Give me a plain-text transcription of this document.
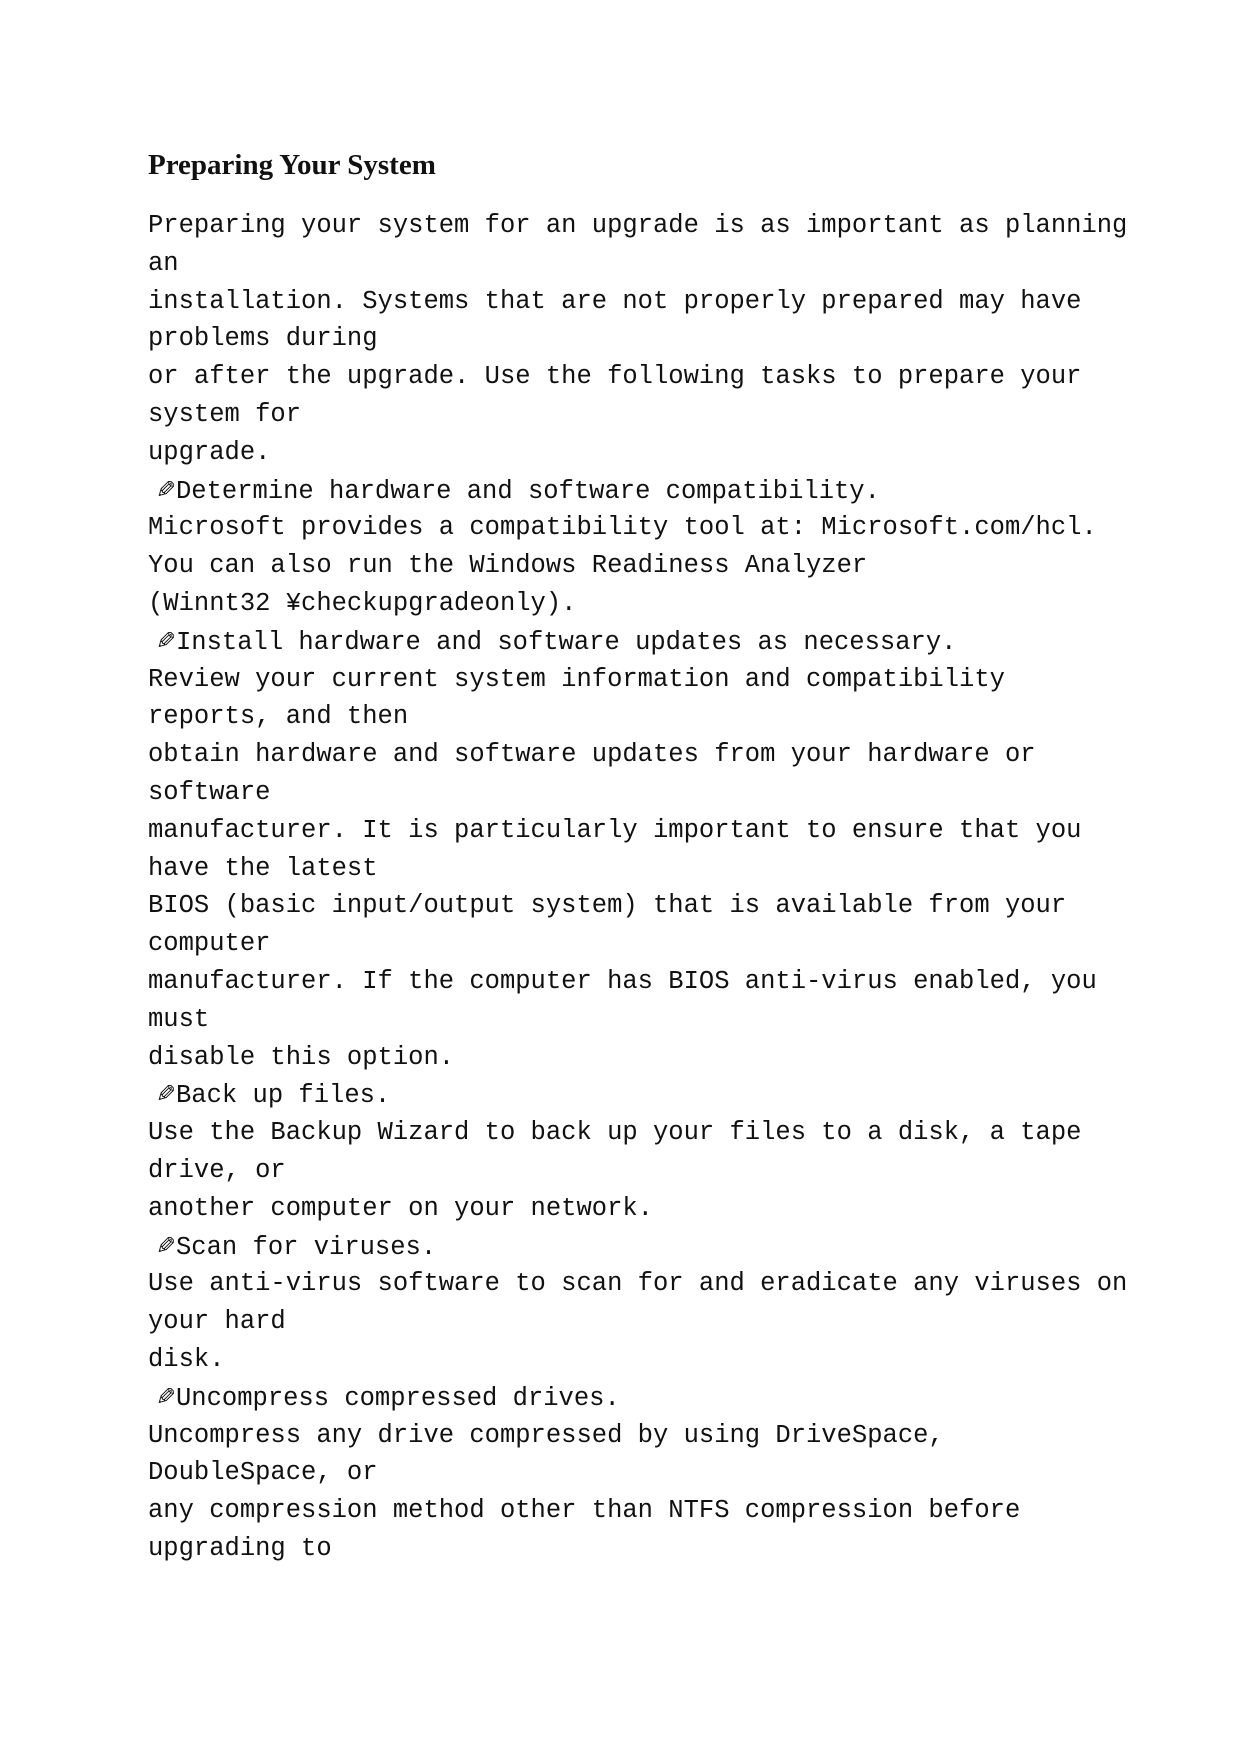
Preparing Your System
Preparing your system for an upgrade is as important as planning
an
installation. Systems that are not properly prepared may have
problems during
or after the upgrade. Use the following tasks to prepare your
system for
upgrade.
✎Determine hardware and software compatibility.
Microsoft provides a compatibility tool at: Microsoft.com/hcl.
You can also run the Windows Readiness Analyzer
(Winnt32 ¥checkupgradeonly).
✎Install hardware and software updates as necessary.
Review your current system information and compatibility
reports, and then
obtain hardware and software updates from your hardware or
software
manufacturer. It is particularly important to ensure that you
have the latest
BIOS (basic input/output system) that is available from your
computer
manufacturer. If the computer has BIOS anti-virus enabled, you
must
disable this option.
✎Back up files.
Use the Backup Wizard to back up your files to a disk, a tape
drive, or
another computer on your network.
✎Scan for viruses.
Use anti-virus software to scan for and eradicate any viruses on
your hard
disk.
✎Uncompress compressed drives.
Uncompress any drive compressed by using DriveSpace,
DoubleSpace, or
any compression method other than NTFS compression before
upgrading to
